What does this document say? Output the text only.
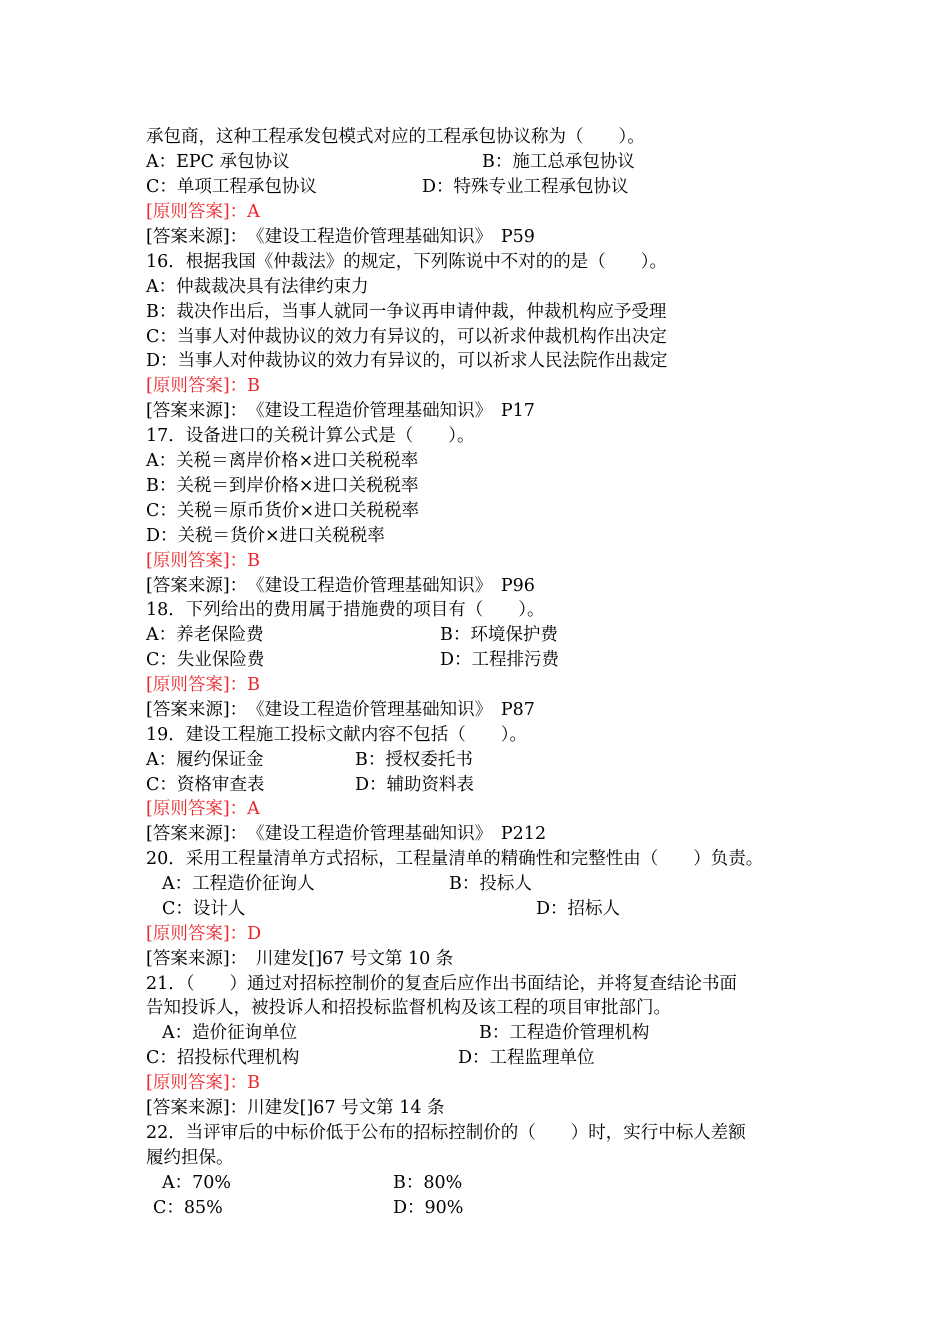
承包商，这种工程承发包模式对应的工程承包协议称为（　　）。
A：EPC 承包协议	B：施工总承包协议
C：单项工程承包协议	D：特殊专业工程承包协议
[原则答案]：A
[答案来源]：　《建设工程造价管理基础知识》　P59
16．根据我国《仲裁法》的规定，下列陈说中不对的的是（　　）。
A：仲裁裁决具有法律约束力
B：裁决作出后，当事人就同一争议再申请仲裁，仲裁机构应予受理
C：当事人对仲裁协议的效力有异议的，可以祈求仲裁机构作出决定
D：当事人对仲裁协议的效力有异议的，可以祈求人民法院作出裁定
[原则答案]：B
[答案来源]：　《建设工程造价管理基础知识》　P17
17．设备进口的关税计算公式是（　　）。
A：关税＝离岸价格×进口关税税率
B：关税＝到岸价格×进口关税税率
C：关税＝原币货价×进口关税税率
D：关税＝货价×进口关税税率
[原则答案]：B
[答案来源]：　《建设工程造价管理基础知识》　P96
18．下列给出的费用属于措施费的项目有（　　）。
A：养老保险费	B：环境保护费
C：失业保险费	D：工程排污费
[原则答案]：B
[答案来源]：　《建设工程造价管理基础知识》　P87
19．建设工程施工投标文献内容不包括（　　）。
A：履约保证金	B：授权委托书
C：资格审查表	D：辅助资料表
[原则答案]：A
[答案来源]：　《建设工程造价管理基础知识》　P212
20．采用工程量清单方式招标，工程量清单的精确性和完整性由（　　）负责。
A：工程造价征询人	B：投标人
C：设计人	D：招标人
[原则答案]：D
[答案来源]：　川建发[]67 号文第 10 条
21．（　　）通过对招标控制价的复查后应作出书面结论，并将复查结论书面
告知投诉人，被投诉人和招投标监督机构及该工程的项目审批部门。
A：造价征询单位	B：工程造价管理机构
C：招投标代理机构	D：工程监理单位
[原则答案]：B
[答案来源]：川建发[]67 号文第 14 条
22．当评审后的中标价低于公布的招标控制价的（　　）时，实行中标人差额
履约担保。
A：70%	B：80%
C：85%	D：90%
